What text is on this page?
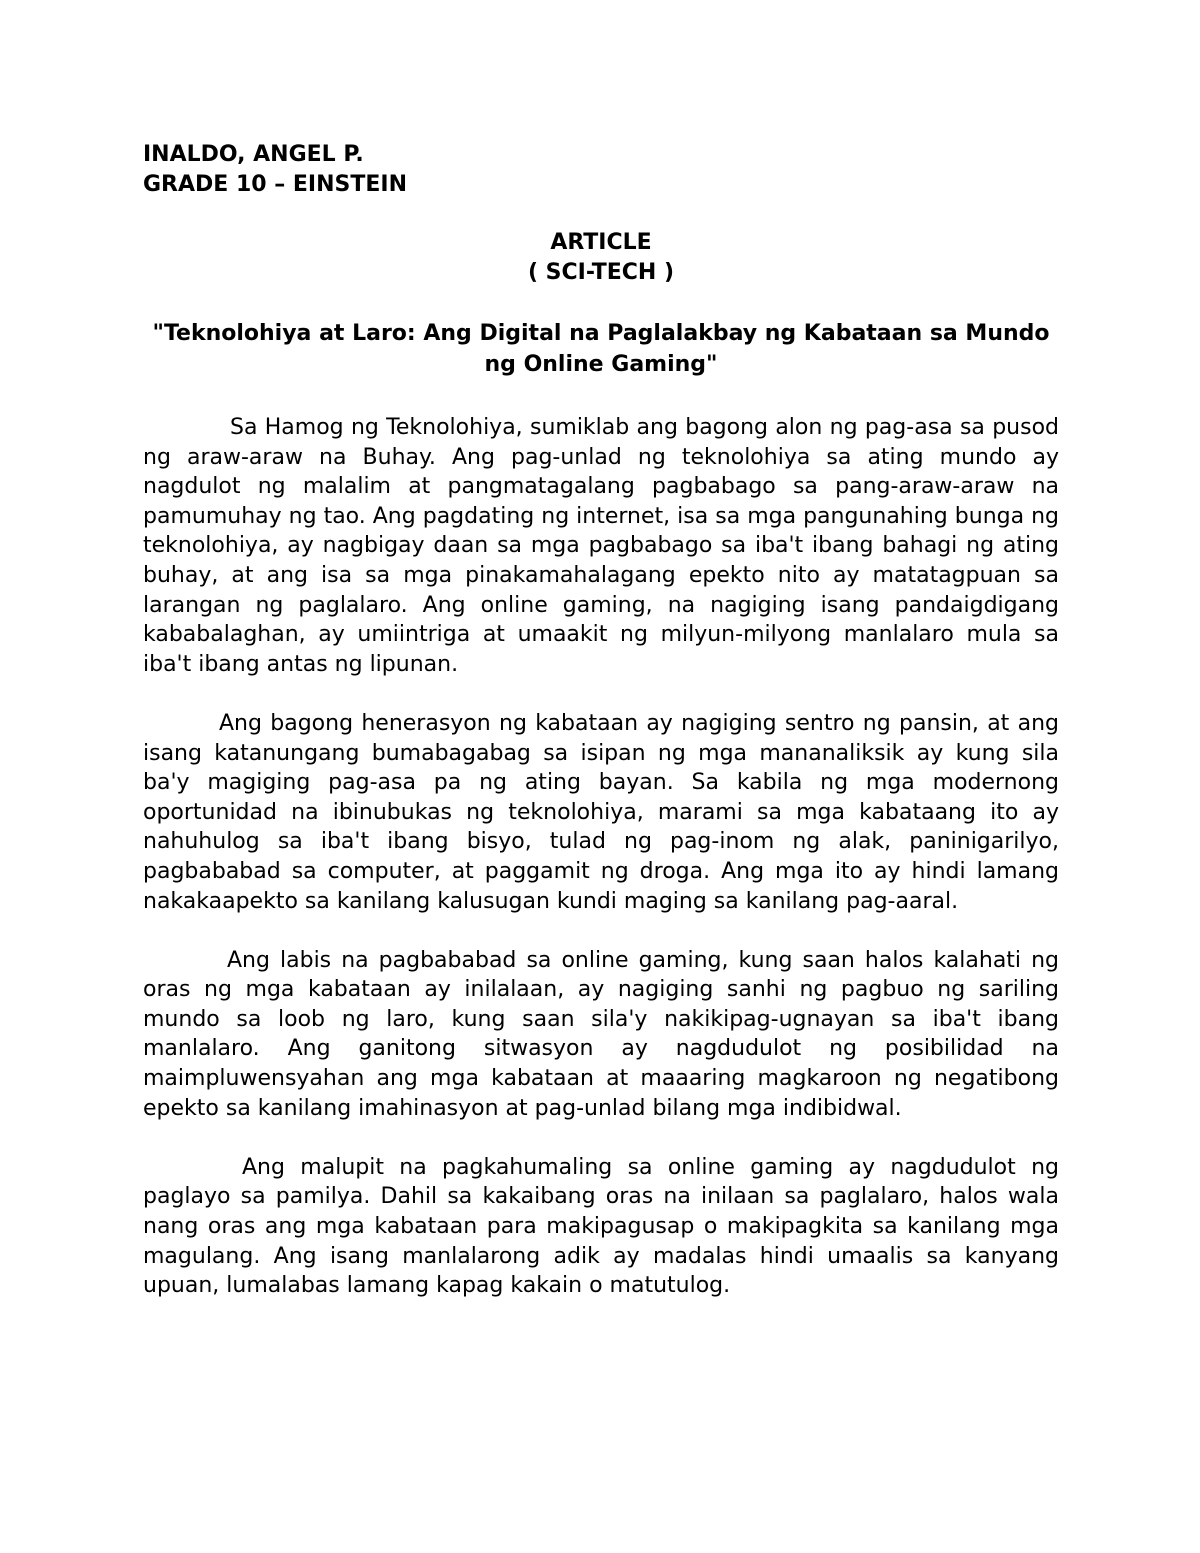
INALDO, ANGEL P.

GRADE 10 – EINSTEIN

ARTICLE
( SCI-TECH )
"Teknolohiya at Laro: Ang Digital na Paglalakbay ng Kabataan sa Mundo ng Online Gaming"

Sa Hamog ng Teknolohiya, sumiklab ang bagong alon ng pag-asa sa pusod ng araw-araw na Buhay. Ang pag-unlad ng teknolohiya sa ating mundo ay nagdulot ng malalim at pangmatagalang pagbabago sa pang-araw-araw na pamumuhay ng tao. Ang pagdating ng internet, isa sa mga pangunahing bunga ng teknolohiya, ay nagbigay daan sa mga pagbabago sa iba't ibang bahagi ng ating buhay, at ang isa sa mga pinakamahalagang epekto nito ay matatagpuan sa larangan ng paglalaro. Ang online gaming, na nagiging isang pandaigdigang kababalaghan, ay umiintriga at umaakit ng milyun-milyong manlalaro mula sa iba't ibang antas ng lipunan.

Ang bagong henerasyon ng kabataan ay nagiging sentro ng pansin, at ang isang katanungang bumabagabag sa isipan ng mga mananaliksik ay kung sila ba'y magiging pag-asa pa ng ating bayan. Sa kabila ng mga modernong oportunidad na ibinubukas ng teknolohiya, marami sa mga kabataang ito ay nahuhulog sa iba't ibang bisyo, tulad ng pag-inom ng alak, paninigarilyo, pagbababad sa computer, at paggamit ng droga. Ang mga ito ay hindi lamang nakakaapekto sa kanilang kalusugan kundi maging sa kanilang pag-aaral.

Ang labis na pagbababad sa online gaming, kung saan halos kalahati ng oras ng mga kabataan ay inilalaan, ay nagiging sanhi ng pagbuo ng sariling mundo sa loob ng laro, kung saan sila'y nakikipag-ugnayan sa iba't ibang manlalaro. Ang ganitong sitwasyon ay nagdudulot ng posibilidad na maimpluwensyahan ang mga kabataan at maaaring magkaroon ng negatibong epekto sa kanilang imahinasyon at pag-unlad bilang mga indibidwal.

Ang malupit na pagkahumaling sa online gaming ay nagdudulot ng paglayo sa pamilya. Dahil sa kakaibang oras na inilaan sa paglalaro, halos wala nang oras ang mga kabataan para makipagusap o makipagkita sa kanilang mga magulang. Ang isang manlalarong adik ay madalas hindi umaalis sa kanyang upuan, lumalabas lamang kapag kakain o matutulog.
